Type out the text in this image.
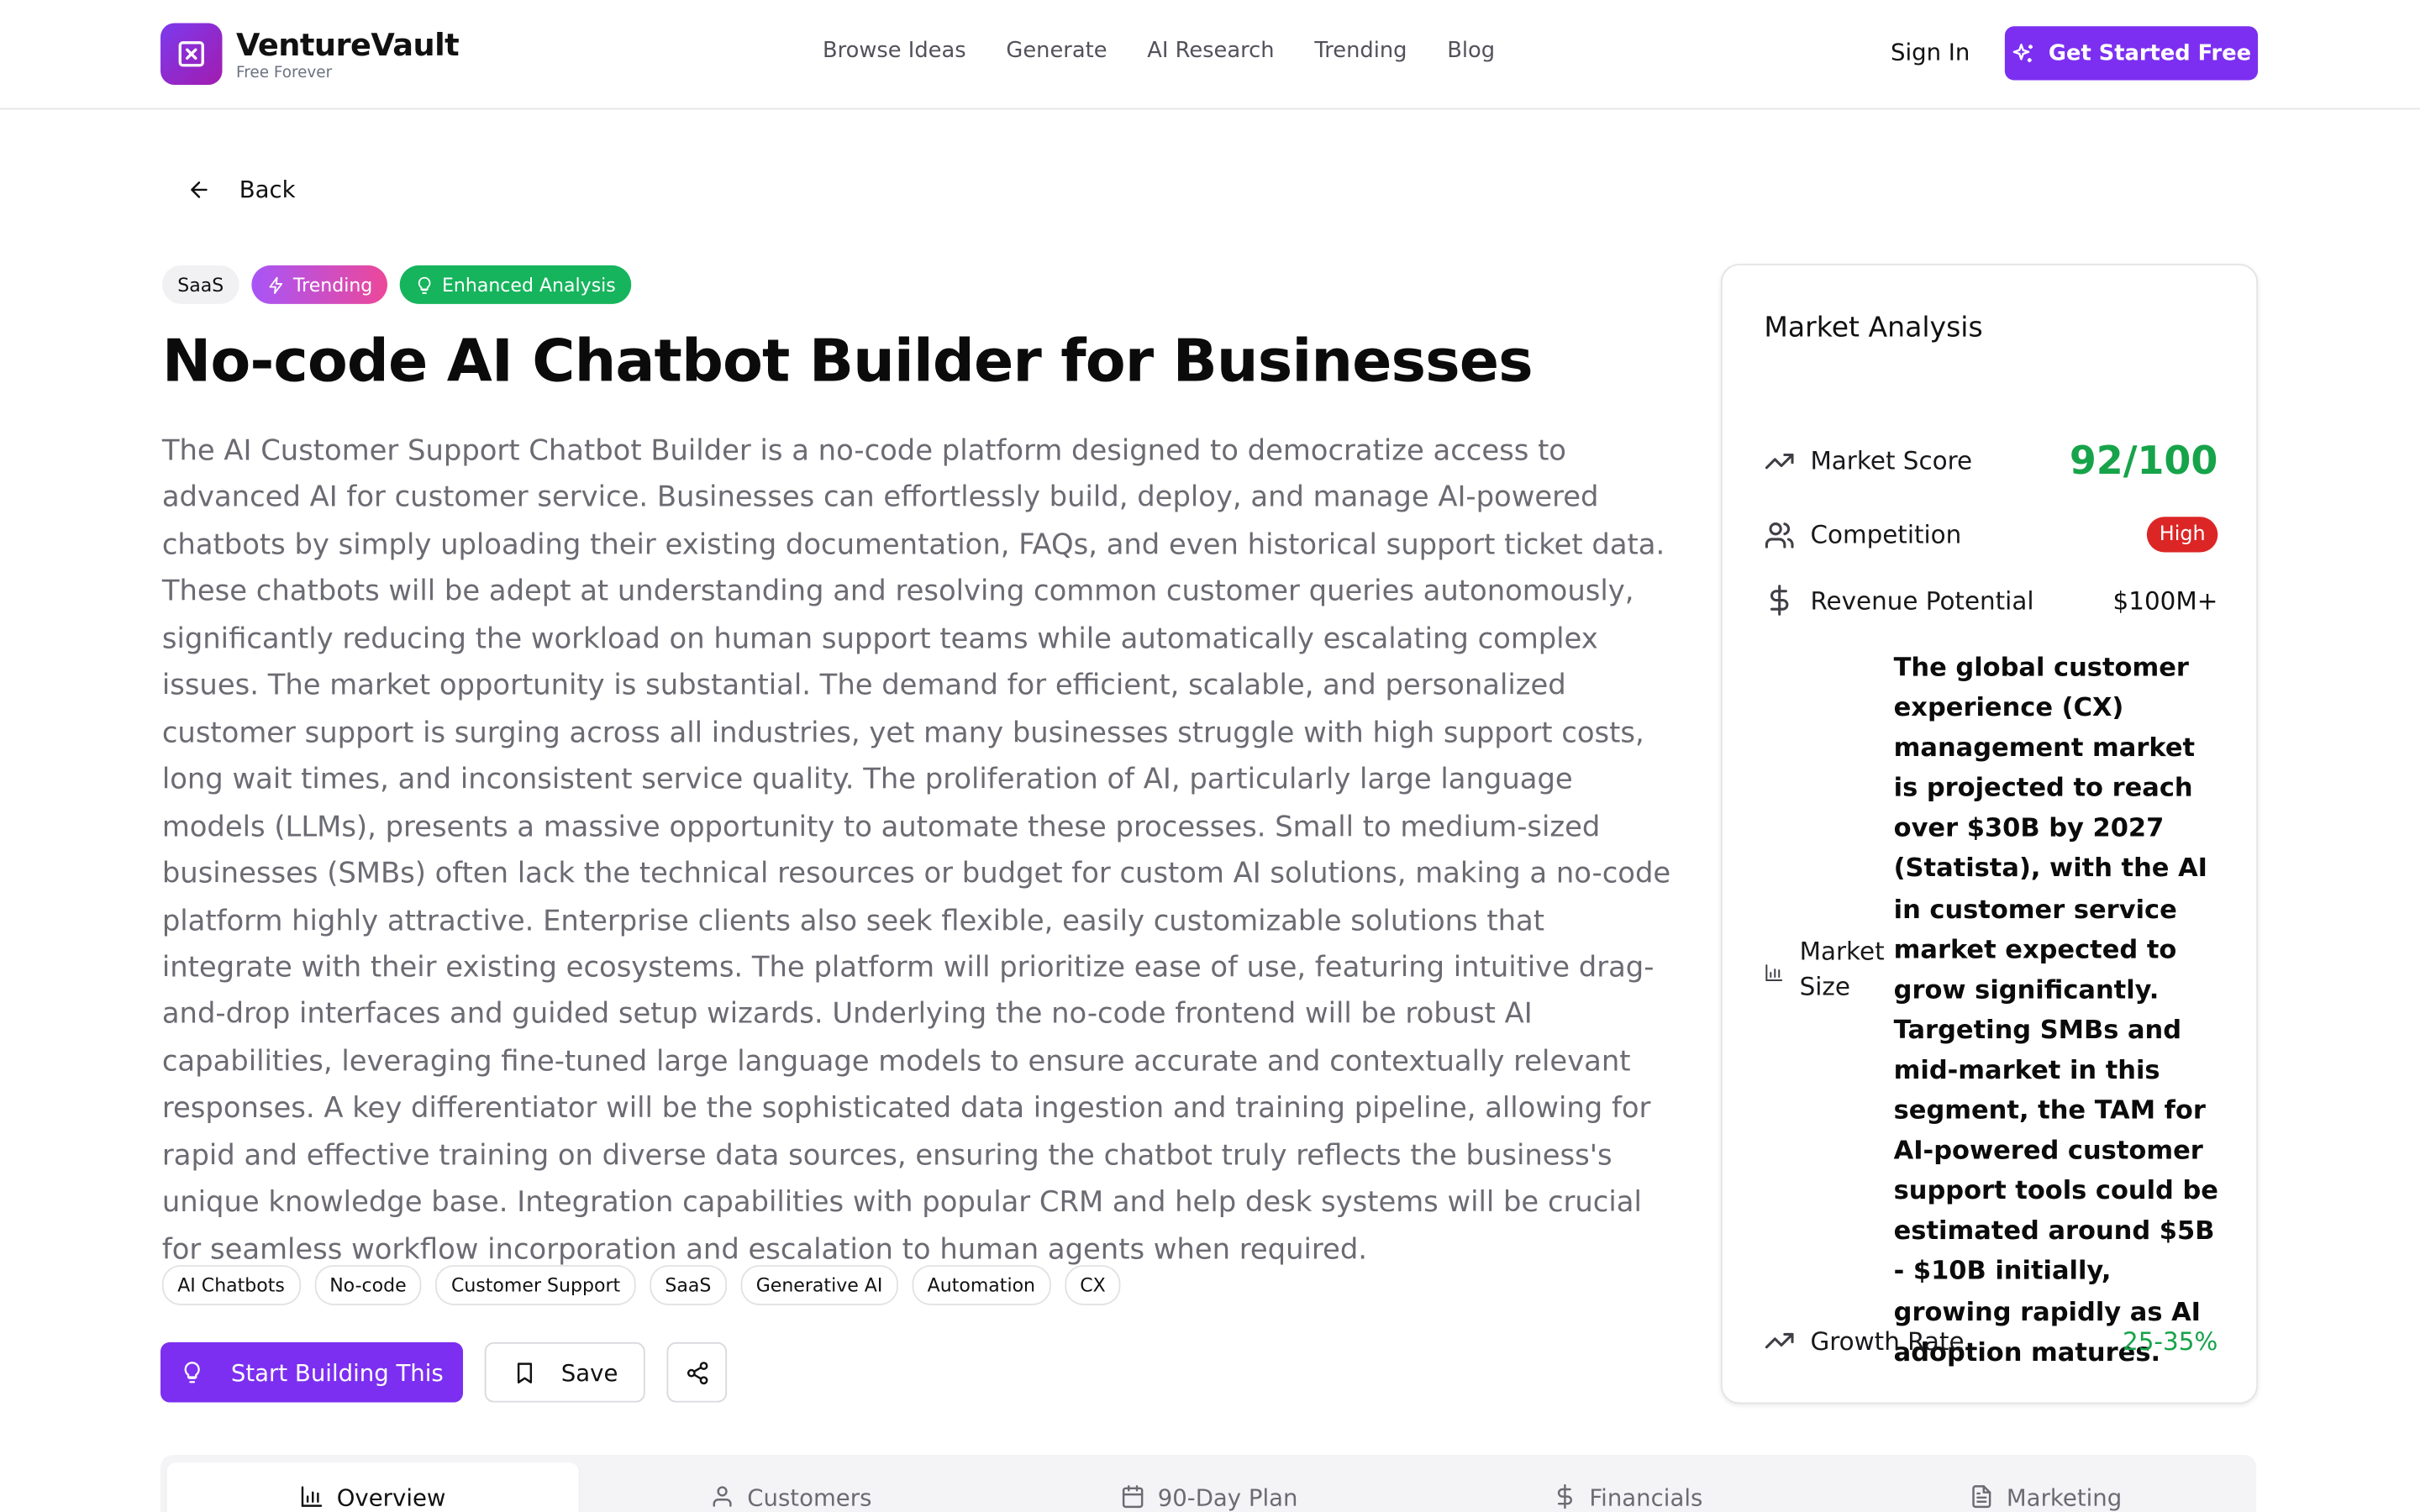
VentureVault
Free Forever
Browse Ideas	Generate	AI Research	Trending	Blog	Sign In	Get Started Free
Back
SaaS	Trending	Enhanced Analysis
No-code AI Chatbot Builder for Businesses

The AI Customer Support Chatbot Builder is a no-code platform designed to democratize access to advanced AI for customer service. Businesses can effortlessly build, deploy, and manage AI-powered chatbots by simply uploading their existing documentation, FAQs, and even historical support ticket data. These chatbots will be adept at understanding and resolving common customer queries autonomously, significantly reducing the workload on human support teams while automatically escalating complex issues. The market opportunity is substantial. The demand for efficient, scalable, and personalized customer support is surging across all industries, yet many businesses struggle with high support costs, long wait times, and inconsistent service quality. The proliferation of AI, particularly large language models (LLMs), presents a massive opportunity to automate these processes. Small to medium-sized businesses (SMBs) often lack the technical resources or budget for custom AI solutions, making a no-code platform highly attractive. Enterprise clients also seek flexible, easily customizable solutions that integrate with their existing ecosystems. The platform will prioritize ease of use, featuring intuitive drag-and-drop interfaces and guided setup wizards. Underlying the no-code frontend will be robust AI capabilities, leveraging fine-tuned large language models to ensure accurate and contextually relevant responses. A key differentiator will be the sophisticated data ingestion and training pipeline, allowing for rapid and effective training on diverse data sources, ensuring the chatbot truly reflects the business's unique knowledge base. Integration capabilities with popular CRM and help desk systems will be crucial for seamless workflow incorporation and escalation to human agents when required.

AI Chatbots	No-code	Customer Support	SaaS	Generative AI	Automation	CX
Start Building This	Save
Market Analysis
Market Score	92/100
Competition	High
Revenue Potential	$100M+
Market
Size

The global customer experience (CX) management market is projected to reach over $30B by 2027 (Statista), with the AI in customer service market expected to grow significantly. Targeting SMBs and mid-market in this segment, the TAM for AI-powered customer support tools could be estimated around $5B - $10B initially, growing rapidly as AI adoption matures.

Growth Rate	25-35%
Overview	Customers	90-Day Plan	Financials	Marketing
